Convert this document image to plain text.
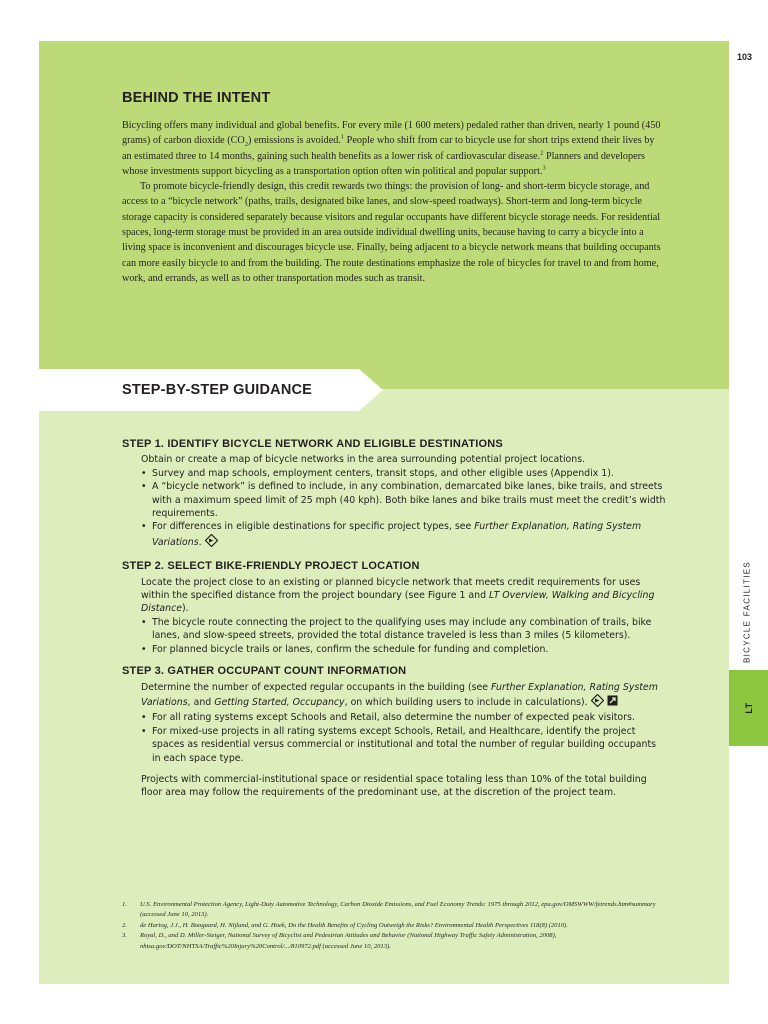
103
BEHIND THE INTENT

Bicycling offers many individual and global benefits. For every mile (1 600 meters) pedaled rather than driven, nearly 1 pound (450 grams) of carbon dioxide $(CO_2)$ emissions is avoided.$^1$ People who shift from car to bicycle use for short trips extend their lives by an estimated three to 14 months, gaining such health benefits as a lower risk of cardiovascular disease.$^2$ Planners and developers whose investments support bicycling as a transportation option often win political and popular support.$^3$

To promote bicycle-friendly design, this credit rewards two things: the provision of long- and short-term bicycle storage, and access to a “bicycle network” (paths, trails, designated bike lanes, and slow-speed roadways). Short-term and long-term bicycle storage capacity is considered separately because visitors and regular occupants have different bicycle storage needs. For residential spaces, long-term storage must be provided in an area outside individual dwelling units, because having to carry a bicycle into a living space is inconvenient and discourages bicycle use. Finally, being adjacent to a bicycle network means that building occupants can more easily bicycle to and from the building. The route destinations emphasize the role of bicycles for travel to and from home, work, and errands, as well as to other transportation modes such as transit.

STEP-BY-STEP GUIDANCE
STEP 1. IDENTIFY BICYCLE NETWORK AND ELIGIBLE DESTINATIONS

Obtain or create a map of bicycle networks in the area surrounding potential project locations.

• Survey and map schools, employment centers, transit stops, and other eligible uses (Appendix 1).
• A “bicycle network” is defined to include, in any combination, demarcated bike lanes, bike trails, and streets with a maximum speed limit of 25 mph (40 kph). Both bike lanes and bike trails must meet the credit’s width requirements.
• For differences in eligible destinations for specific project types, see Further Explanation, Rating System Variations.
STEP 2. SELECT BIKE-FRIENDLY PROJECT LOCATION

Locate the project close to an existing or planned bicycle network that meets credit requirements for uses within the specified distance from the project boundary (see Figure 1 and LT Overview, Walking and Bicycling Distance).

• The bicycle route connecting the project to the qualifying uses may include any combination of trails, bike lanes, and slow-speed streets, provided the total distance traveled is less than 3 miles (5 kilometers).
• For planned bicycle trails or lanes, confirm the schedule for funding and completion.
STEP 3. GATHER OCCUPANT COUNT INFORMATION

Determine the number of expected regular occupants in the building (see Further Explanation, Rating System Variations, and Getting Started, Occupancy, on which building users to include in calculations).

• For all rating systems except Schools and Retail, also determine the number of expected peak visitors.
• For mixed-use projects in all rating systems except Schools, Retail, and Healthcare, identify the project spaces as residential versus commercial or institutional and total the number of regular building occupants in each space type.

Projects with commercial-institutional space or residential space totaling less than 10% of the total building floor area may follow the requirements of the predominant use, at the discretion of the project team.

1. U.S. Environmental Protection Agency, Light-Duty Automotive Technology, Carbon Dioxide Emissions, and Fuel Economy Trends: 1975 through 2012, epa.gov/OMSWWW/fetrends.htm#summary (accessed June 10, 2013).
2. de Hartog, J.J., H. Boogaard, H. Nijland, and G. Hoek, Do the Health Benefits of Cycling Outweigh the Risks? Environmental Health Perspectives 118(8) (2010).
3. Royal, D., and D. Miller-Steiger, National Survey of Bicyclist and Pedestrian Attitudes and Behavior (National Highway Traffic Safety Administration, 2008), nhtsa.gov/DOT/NHTSA/Traffic%20Injury%20Control/.../810972.pdf (accessed June 10, 2013).
BICYCLE FACILITIES
LT
